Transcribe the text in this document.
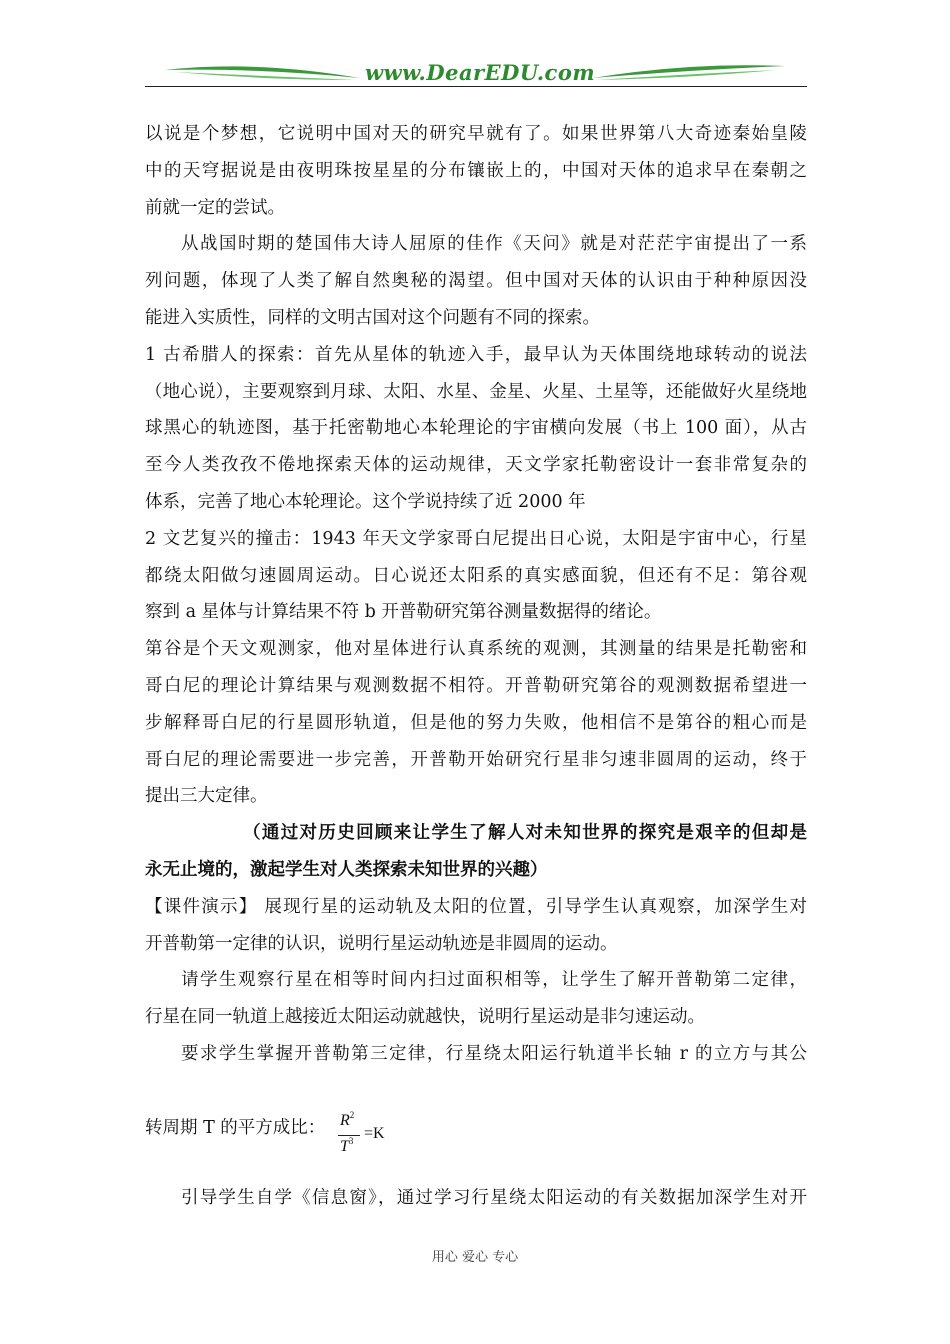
www.DearEDU.com
以说是个梦想，它说明中国对天的研究早就有了。如果世界第八大奇迹秦始皇陵
中的天穹据说是由夜明珠按星星的分布镶嵌上的，中国对天体的追求早在秦朝之
前就一定的尝试。
从战国时期的楚国伟大诗人屈原的佳作《天问》就是对茫茫宇宙提出了一系
列问题，体现了人类了解自然奥秘的渴望。但中国对天体的认识由于种种原因没
能进入实质性，同样的文明古国对这个问题有不同的探索。
1 古希腊人的探索：首先从星体的轨迹入手，最早认为天体围绕地球转动的说法
（地心说），主要观察到月球、太阳、水星、金星、火星、土星等，还能做好火星绕地
球黑心的轨迹图，基于托密勒地心本轮理论的宇宙横向发展（书上 100 面），从古
至今人类孜孜不倦地探索天体的运动规律，天文学家托勒密设计一套非常复杂的
体系，完善了地心本轮理论。这个学说持续了近 2000 年
2 文艺复兴的撞击：1943 年天文学家哥白尼提出日心说，太阳是宇宙中心，行星
都绕太阳做匀速圆周运动。日心说还太阳系的真实感面貌，但还有不足：第谷观
察到 a 星体与计算结果不符 b 开普勒研究第谷测量数据得的绪论。
第谷是个天文观测家，他对星体进行认真系统的观测，其测量的结果是托勒密和
哥白尼的理论计算结果与观测数据不相符。开普勒研究第谷的观测数据希望进一
步解释哥白尼的行星圆形轨道，但是他的努力失败，他相信不是第谷的粗心而是
哥白尼的理论需要进一步完善，开普勒开始研究行星非匀速非圆周的运动，终于
提出三大定律。
（通过对历史回顾来让学生了解人对未知世界的探究是艰辛的但却是
永无止境的，激起学生对人类探索未知世界的兴趣）
【课件演示】 展现行星的运动轨及太阳的位置，引导学生认真观察，加深学生对
开普勒第一定律的认识，说明行星运动轨迹是非圆周的运动。
请学生观察行星在相等时间内扫过面积相等，让学生了解开普勒第二定律，
行星在同一轨道上越接近太阳运动就越快，说明行星运动是非匀速运动。
要求学生掌握开普勒第三定律，行星绕太阳运行轨道半长轴 r 的立方与其公
转周期 T 的平方成比： $R^2$
$T^3 =K$
引导学生自学《信息窗》，通过学习行星绕太阳运动的有关数据加深学生对开
用心 爱心 专心
